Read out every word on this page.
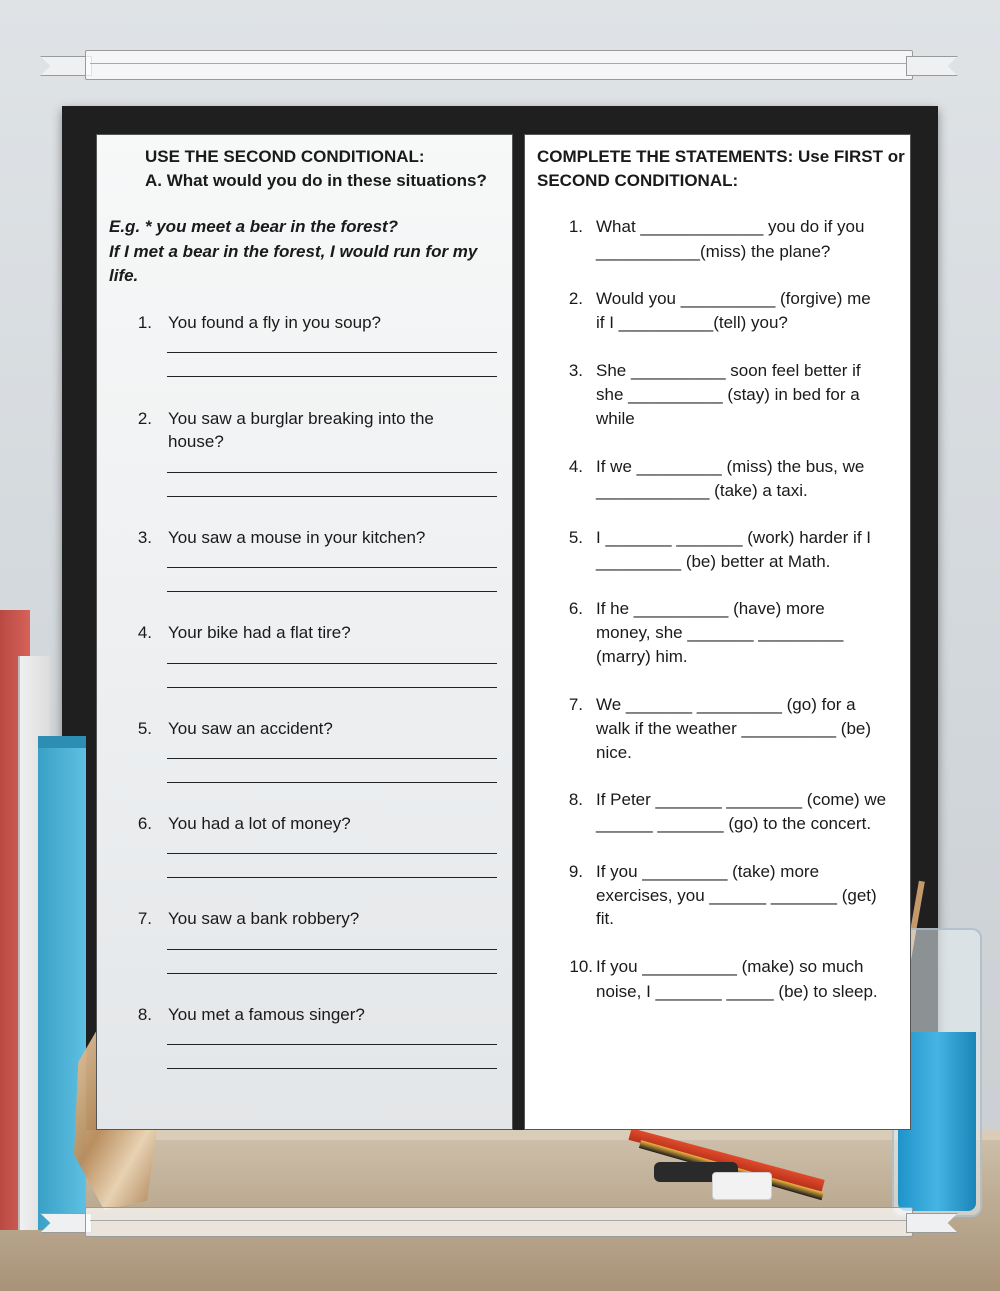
USE THE SECOND CONDITIONAL:
A. What would you do in these situations?
E.g. * you meet a bear in the forest?
If I met a bear in the forest, I would run for my
life.
1. You found a fly in you soup?
2. You saw a burglar breaking into the
house?
3. You saw a mouse in your kitchen?
4. Your bike had a flat tire?
5. You saw an accident?
6. You had a lot of money?
7. You saw a bank robbery?
8. You met a famous singer?
COMPLETE THE STATEMENTS: Use FIRST or
SECOND CONDITIONAL:
1. What _____________ you do if you
___________(miss) the plane?
2. Would you __________ (forgive) me
if I __________(tell) you?
3. She __________ soon feel better if
she __________ (stay) in bed for a
while
4. If we _________ (miss) the bus, we
____________ (take) a taxi.
5. I _______ _______ (work) harder if I
_________ (be) better at Math.
6. If he __________ (have) more
money, she _______ _________
(marry) him.
7. We _______ _________ (go) for a
walk if the weather __________ (be)
nice.
8. If Peter _______ ________ (come) we
______ _______ (go) to the concert.
9. If you _________ (take) more
exercises, you ______ _______ (get)
fit.
10. If you __________ (make) so much
noise, I _______ _____ (be) to sleep.
